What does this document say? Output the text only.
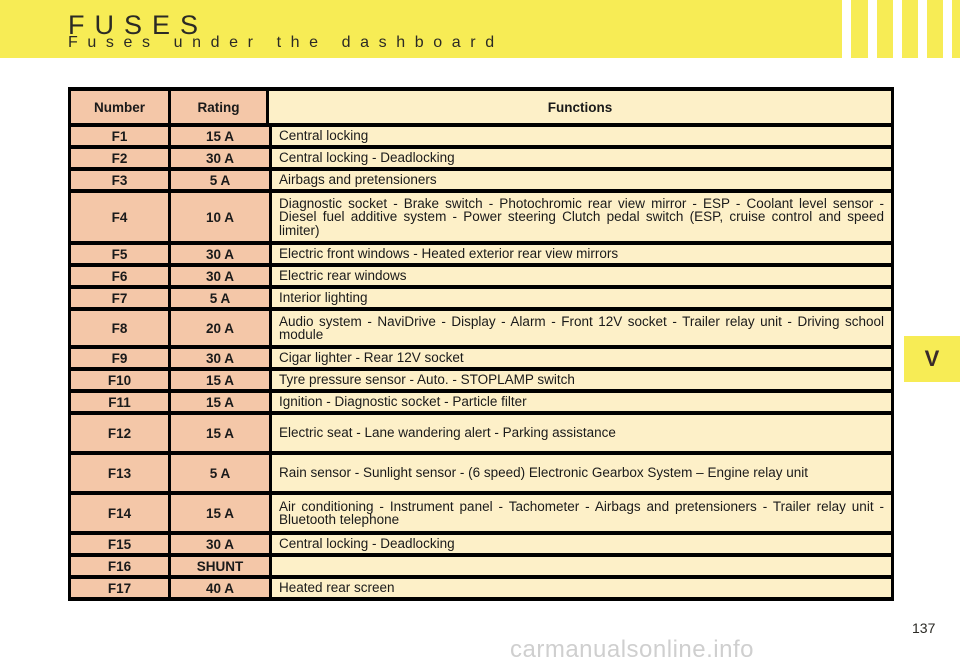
FUSES

Fuses under the dashboard

V
Number	Rating	Functions
F1	15 A	Central locking
F2	30 A	Central locking - Deadlocking
F3	5 A	Airbags and pretensioners
F4	10 A	Diagnostic socket - Brake switch - Photochromic rear view mirror - ESP - Coolant level sensor - Diesel fuel additive system - Power steering Clutch pedal switch (ESP, cruise control and speed limiter)
F5	30 A	Electric front windows - Heated exterior rear view mirrors
F6	30 A	Electric rear windows
F7	5 A	Interior lighting
F8	20 A	Audio system - NaviDrive - Display - Alarm - Front 12V socket - Trailer relay unit - Driving school module
F9	30 A	Cigar lighter - Rear 12V socket
F10	15 A	Tyre pressure sensor - Auto. - STOPLAMP switch
F11	15 A	Ignition - Diagnostic socket - Particle filter
F12	15 A	Electric seat - Lane wandering alert - Parking assistance
F13	5 A	Rain sensor - Sunlight sensor - (6 speed) Electronic Gearbox System – Engine relay unit
F14	15 A	Air conditioning - Instrument panel - Tachometer - Airbags and pretensioners - Trailer relay unit - Bluetooth telephone
F15	30 A	Central locking - Deadlocking
F16	SHUNT	
F17	40 A	Heated rear screen
137
carmanualsonline.info
